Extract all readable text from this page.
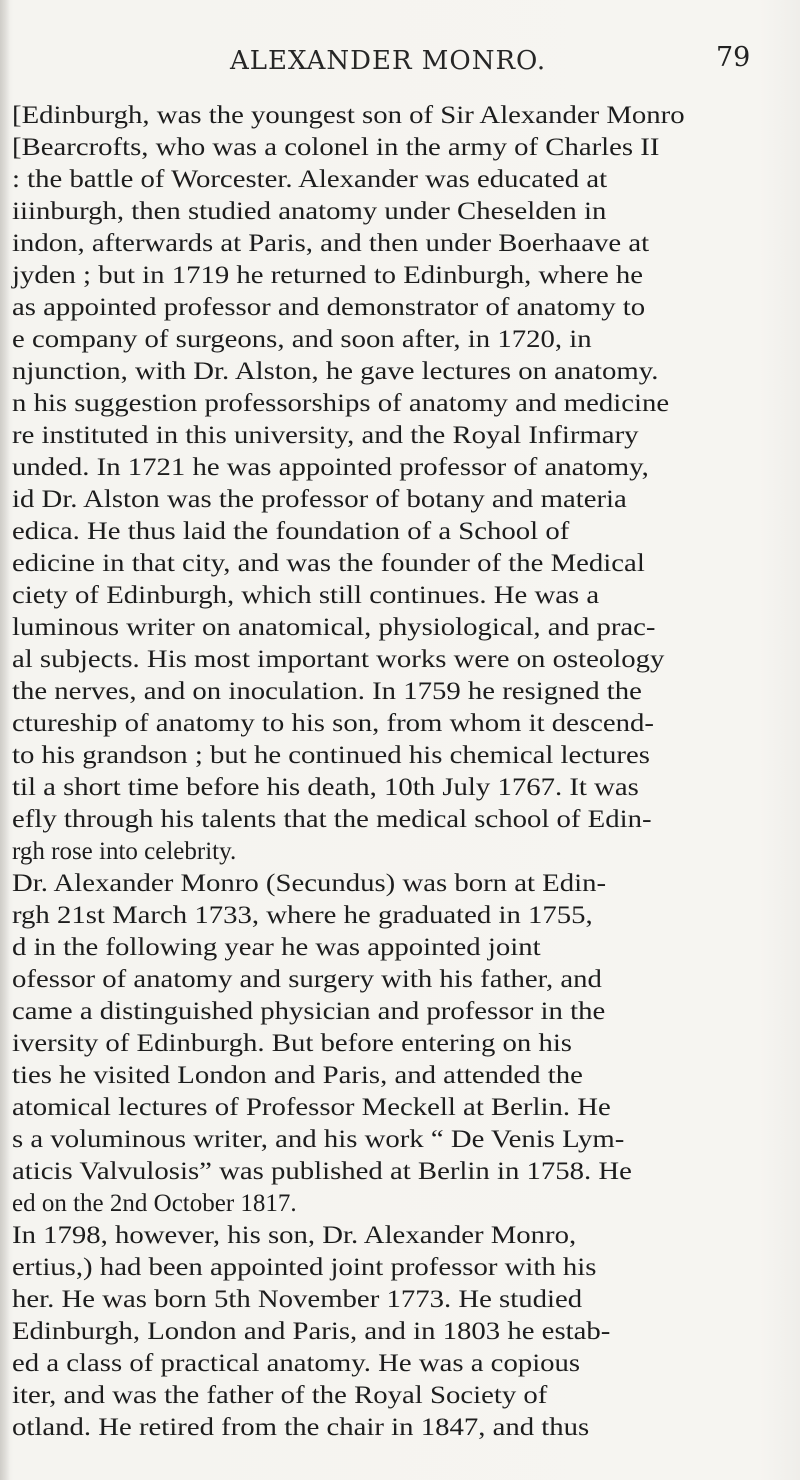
ALEXANDER MONRO.	79
[Edinburgh, was the youngest son of Sir Alexander Monro
[Bearcrofts, who was a colonel in the army of Charles II
: the battle of Worcester. Alexander was educated at
iiinburgh, then studied anatomy under Cheselden in
indon, afterwards at Paris, and then under Boerhaave at
jyden ; but in 1719 he returned to Edinburgh, where he
as appointed professor and demonstrator of anatomy to
e company of surgeons, and soon after, in 1720, in
njunction, with Dr. Alston, he gave lectures on anatomy.
n his suggestion professorships of anatomy and medicine
re instituted in this university, and the Royal Infirmary
unded. In 1721 he was appointed professor of anatomy,
id Dr. Alston was the professor of botany and materia
edica. He thus laid the foundation of a School of
edicine in that city, and was the founder of the Medical
ciety of Edinburgh, which still continues. He was a
luminous writer on anatomical, physiological, and prac-
al subjects. His most important works were on osteology
the nerves, and on inoculation. In 1759 he resigned the
ctureship of anatomy to his son, from whom it descend-
to his grandson ; but he continued his chemical lectures
til a short time before his death, 10th July 1767. It was
efly through his talents that the medical school of Edin-
rgh rose into celebrity.
Dr. Alexander Monro (Secundus) was born at Edin-
rgh 21st March 1733, where he graduated in 1755,
d in the following year he was appointed joint
ofessor of anatomy and surgery with his father, and
came a distinguished physician and professor in the
iversity of Edinburgh. But before entering on his
ties he visited London and Paris, and attended the
atomical lectures of Professor Meckell at Berlin. He
s a voluminous writer, and his work “ De Venis Lym-
aticis Valvulosis” was published at Berlin in 1758. He
ed on the 2nd October 1817.
In 1798, however, his son, Dr. Alexander Monro,
ertius,) had been appointed joint professor with his
her. He was born 5th November 1773. He studied
Edinburgh, London and Paris, and in 1803 he estab-
ed a class of practical anatomy. He was a copious
iter, and was the father of the Royal Society of
otland. He retired from the chair in 1847, and thus
